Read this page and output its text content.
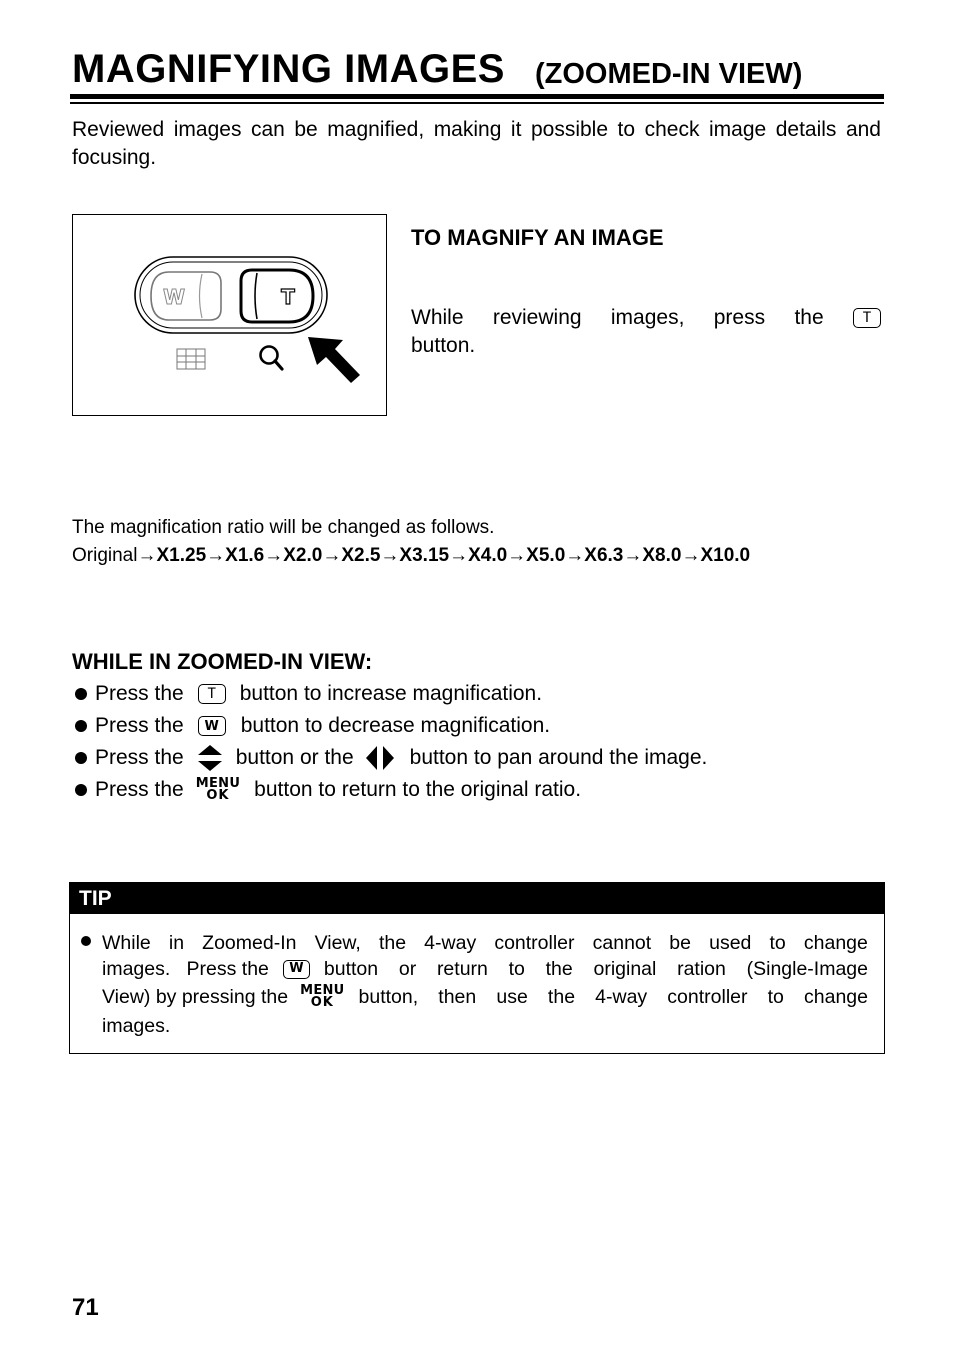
MAGNIFYING IMAGES (ZOOMED-IN VIEW)
Reviewed images can be magnified, making it possible to check image details and focusing.
W	T
TO MAGNIFY AN IMAGE
While reviewing images, press the	T
button.
The magnification ratio will be changed as follows.
Original→X1.25→X1.6→X2.0→X2.5→X3.15→X4.0→X5.0→X6.3→X8.0→X10.0
WHILE IN ZOOMED-IN VIEW:
Press the	T	button to increase magnification.
Press the	W	button to decrease magnification.
Press the button or the	button to pan around the image.
Press the MENU
OK button to return to the original ratio.
TIP
While in Zoomed-In View, the 4-way controller cannot be used to change
images.   Press the	W	button or return to the original ration (Single-Image
View) by pressing the MENU
OK button, then use the 4-way controller to change
images.
71
